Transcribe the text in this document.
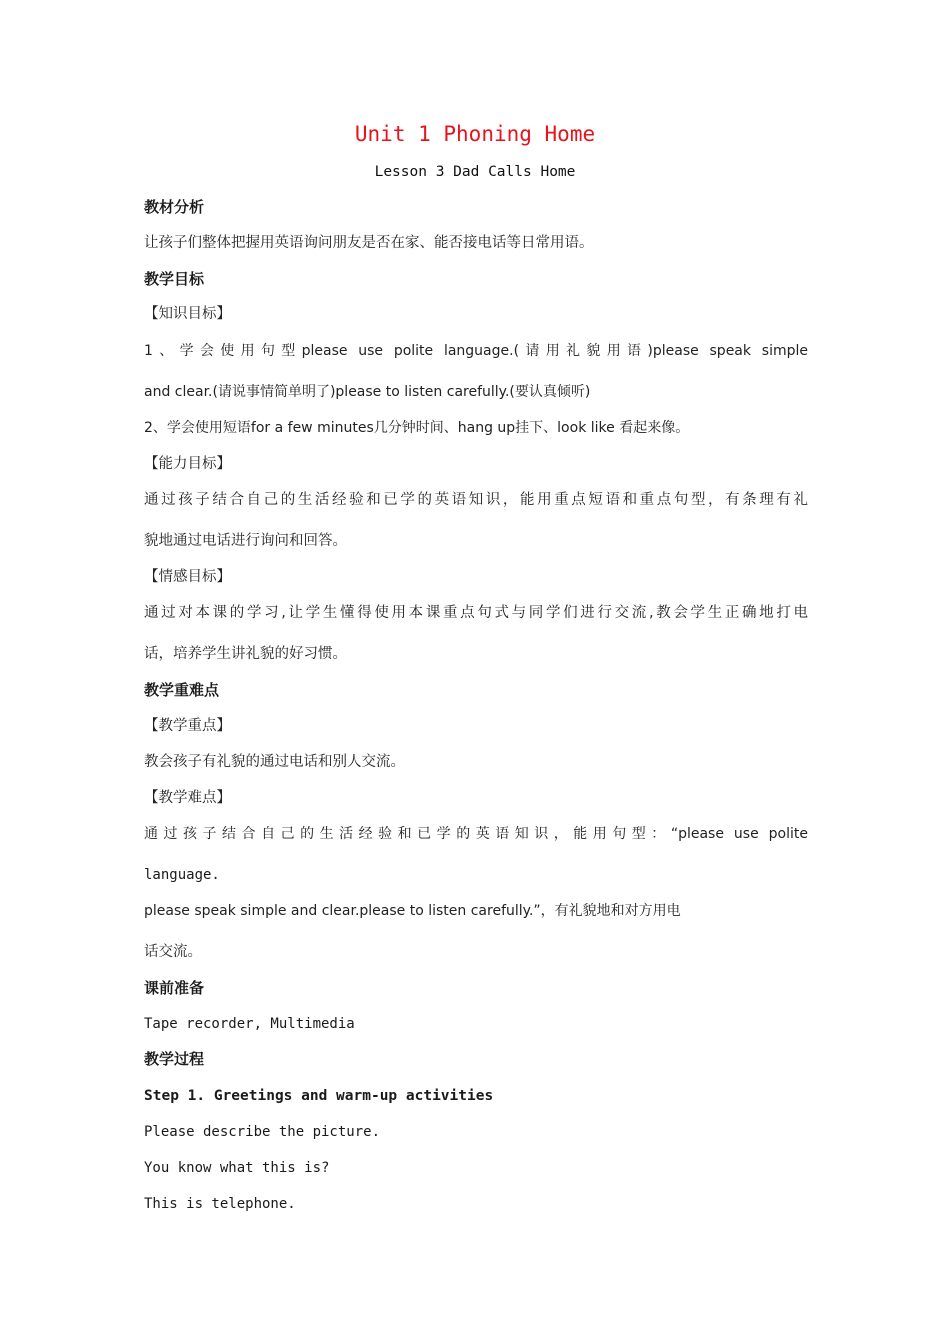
Unit 1 Phoning Home
Lesson 3 Dad Calls Home
教材分析
让孩子们整体把握用英语询问朋友是否在家、能否接电话等日常用语。
教学目标
【知识目标】
1、学会使用句型please use polite language.(请用礼貌用语)please speak simple
and clear.(请说事情简单明了)please to listen carefully.(要认真倾听)
2、学会使用短语for a few minutes几分钟时间、hang up挂下、look like 看起来像。
【能力目标】
通过孩子结合自己的生活经验和已学的英语知识，能用重点短语和重点句型，有条理有礼
貌地通过电话进行询问和回答。
【情感目标】
通过对本课的学习,让学生懂得使用本课重点句式与同学们进行交流,教会学生正确地打电
话，培养学生讲礼貌的好习惯。
教学重难点
【教学重点】
教会孩子有礼貌的通过电话和别人交流。
【教学难点】
通过孩子结合自己的生活经验和已学的英语知识，能用句型：“please use polite
language.
please speak simple and clear.please to listen carefully.”，有礼貌地和对方用电
话交流。
课前准备
Tape recorder, Multimedia
教学过程
Step 1. Greetings and warm-up activities
Please describe the picture.
You know what this is?
This is telephone.
